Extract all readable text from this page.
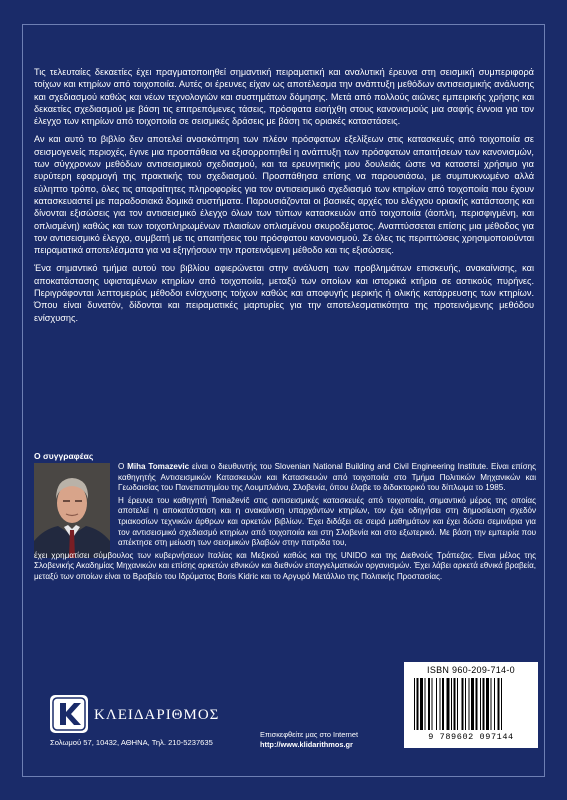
Τις τελευταίες δεκαετίες έχει πραγματοποιηθεί σημαντική πειραματική και αναλυτική έρευνα στη σεισμική συμπεριφορά τοίχων και κτηρίων από τοιχοποιία. Αυτές οι έρευνες είχαν ως αποτέλεσμα την ανάπτυξη μεθόδων αντισεισμικής ανάλυσης και σχεδιασμού καθώς και νέων τεχνολογιών και συστημάτων δόμησης. Μετά από πολλούς αιώνες εμπειρικής χρήσης και δεκαετίες σχεδιασμού με βάση τις επιτρεπόμενες τάσεις, πρόσφατα εισήχθη στους κανονισμούς μια σαφής έννοια για τον έλεγχο των κτηρίων από τοιχοποιία σε σεισμικές δράσεις με βάση τις οριακές καταστάσεις.

Αν και αυτό το βιβλίο δεν αποτελεί ανασκόπηση των πλέον πρόσφατων εξελίξεων στις κατασκευές από τοιχοποιία σε σεισμογενείς περιοχές, έγινε μια προσπάθεια να εξισορροπηθεί η ανάπτυξη των πρόσφατων απαιτήσεων των κανονισμών, των σύγχρονων μεθόδων αντισεισμικού σχεδιασμού, και τα ερευνητικής μου δουλειάς ώστε να καταστεί χρήσιμο για ευρύτερη εφαρμογή της πρακτικής του σχεδιασμού. Προσπάθησα επίσης να παρουσιάσω, με συμπυκνωμένο αλλά εύληπτο τρόπο, όλες τις απαραίτητες πληροφορίες για τον αντισεισμικό σχεδιασμό των κτηρίων από τοιχοποιία που έχουν κατασκευαστεί με παραδοσιακά δομικά συστήματα. Παρουσιάζονται οι βασικές αρχές του ελέγχου οριακής κατάστασης και δίνονται εξισώσεις για τον αντισεισμικό έλεγχο όλων των τύπων κατασκευών από τοιχοποιία (άοπλη, περισφιγμένη, και οπλισμένη) καθώς και των τοιχοπληρωμένων πλαισίων οπλισμένου σκυροδέματος. Αναπτύσσεται επίσης μια μέθοδος για τον αντισεισμικό έλεγχο, συμβατή με τις απαιτήσεις του πρόσφατου κανονισμού. Σε όλες τις περιπτώσεις χρησιμοποιούνται πειραματικά αποτελέσματα για να εξηγήσουν την προτεινόμενη μέθοδο και τις εξισώσεις.

Ένα σημαντικό τμήμα αυτού του βιβλίου αφιερώνεται στην ανάλυση των προβλημάτων επισκευής, ανακαίνισης, και αποκατάστασης υφισταμένων κτηρίων από τοιχοποιία, μεταξύ των οποίων και ιστορικά κτήρια σε αστικούς πυρήνες. Περιγράφονται λεπτομερώς μέθοδοι ενίσχυσης τοίχων καθώς και αποφυγής μερικής ή ολικής κατάρρευσης των κτηρίων. Όπου είναι δυνατόν, δίδονται και πειραματικές μαρτυρίες για την αποτελεσματικότητα της προτεινόμενης μεθόδου ενίσχυσης.

Ο συγγραφέας

Ο Miha Tomazevic είναι ο διευθυντής του Slovenian National Building and Civil Engineering Institute. Είναι επίσης καθηγητής Αντισεισμικών Κατασκευών και Κατασκευών από τοιχοποιία στο Τμήμα Πολιτικών Μηχανικών και Γεωδαισίας του Πανεπιστημίου της Λουμπλιάνα, Σλοβενία, όπου έλαβε το διδακτορικό του δίπλωμα το 1985.

Η έρευνα του καθηγητή Tomaževič στις αντισεισμικές κατασκευές από τοιχοποιία, σημαντικό μέρος της οποίας αποτελεί η αποκατάσταση και η ανακαίνιση υπαρχόντων κτηρίων, τον έχει οδηγήσει στη δημοσίευση σχεδόν τριακοσίων τεχνικών άρθρων και αρκετών βιβλίων. Έχει διδάξει σε σειρά μαθημάτων και έχει δώσει σεμινάρια για τον αντισεισμικό σχεδιασμό κτηρίων από τοιχοποιία και στη Σλοβενία και στο εξωτερικό. Με βάση την εμπειρία που απέκτησε στη μείωση των σεισμικών βλαβών στην πατρίδα του,

έχει χρηματίσει σύμβουλος των κυβερνήσεων Ιταλίας και Μεξικού καθώς και της UNIDO και της Διεθνούς Τράπεζας. Είναι μέλος της Σλοβενικής Ακαδημίας Μηχανικών και επίσης αρκετών εθνικών και διεθνών επαγγελματικών οργανισμών. Έχει λάβει αρκετά εθνικά βραβεία, μεταξύ των οποίων είναι το Βραβείο του Ιδρύματος Boris Kidric και το Αργυρό Μετάλλιο της Πολιτικής Προστασίας.

ΚΛΕΙΔΑΡΙΘΜΟΣ
Σολωμού 57, 10432, ΑΘΗΝΑ, Τηλ. 210-5237635
Επισκεφθείτε μας στο Internet
http://www.klidarithmos.gr
ISBN 960-209-714-0
9 789602 097144
